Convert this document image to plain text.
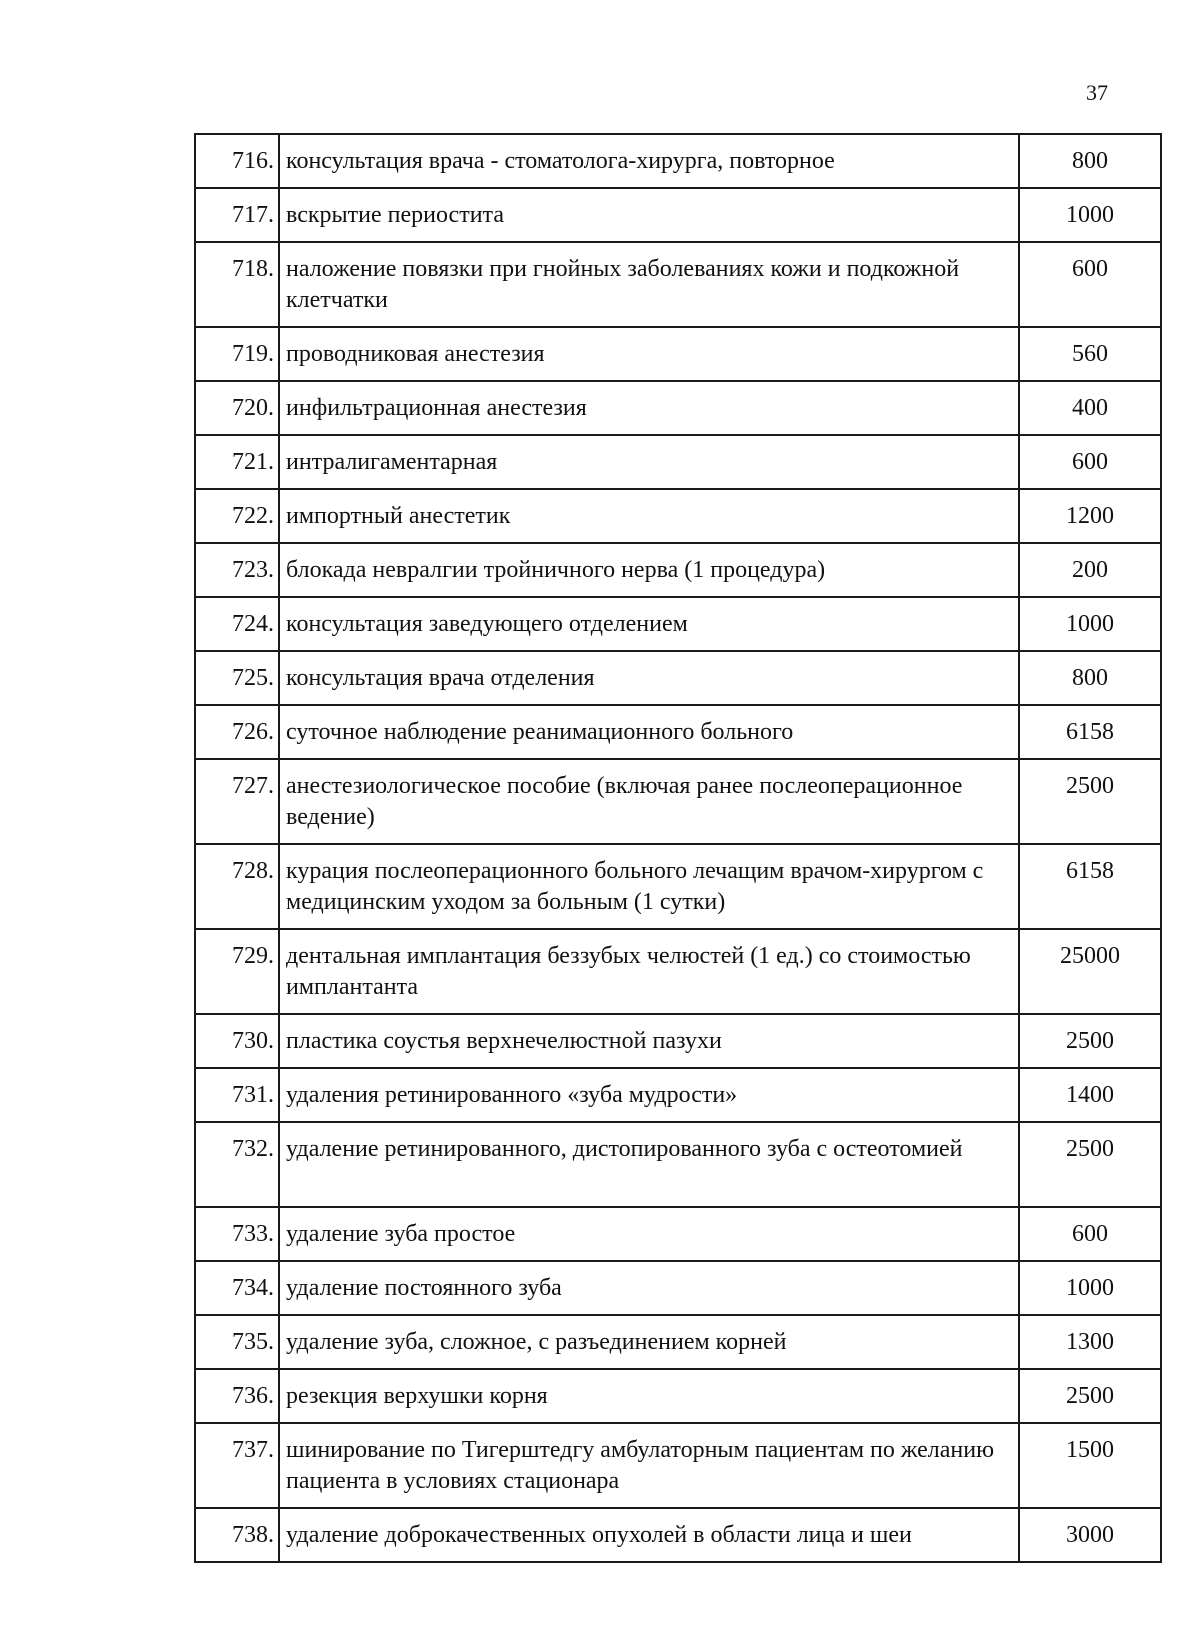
37
716.	консультация врача - стоматолога-хирурга, повторное	800
717.	вскрытие периостита	1000
718.	наложение повязки при гнойных заболеваниях кожи и подкожной клетчатки	600
719.	проводниковая анестезия	560
720.	инфильтрационная анестезия	400
721.	интралигаментарная	600
722.	импортный анестетик	1200
723.	блокада невралгии тройничного нерва (1 процедура)	200
724.	консультация заведующего отделением	1000
725.	консультация врача отделения	800
726.	суточное наблюдение реанимационного больного	6158
727.	анестезиологическое пособие (включая ранее послеоперационное ведение)	2500
728.	курация послеоперационного больного лечащим врачом-хирургом с медицинским уходом за больным (1 сутки)	6158
729.	дентальная имплантация беззубых челюстей (1 ед.) со стоимостью имплантанта	25000
730.	пластика соустья верхнечелюстной пазухи	2500
731.	удаления ретинированного «зуба мудрости»	1400
732.	удаление ретинированного, дистопированного зуба с остеотомией	2500
733.	удаление зуба простое	600
734.	удаление постоянного зуба	1000
735.	удаление зуба, сложное, с разъединением корней	1300
736.	резекция верхушки корня	2500
737.	шинирование по Тигерштедгу амбулаторным пациентам по желанию пациента в условиях стационара	1500
738.	удаление доброкачественных опухолей в области лица и шеи	3000
